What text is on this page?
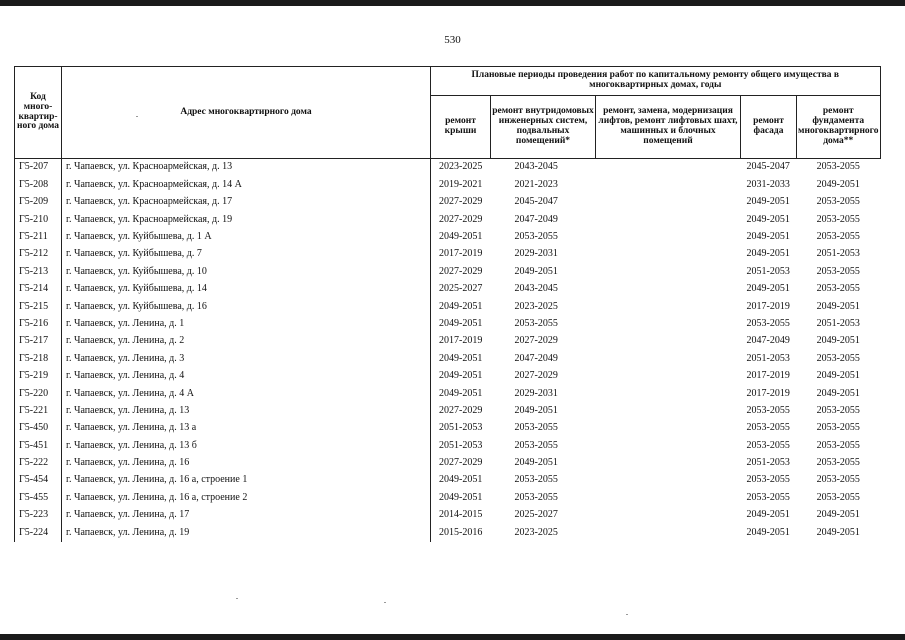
530
Код много-квартир-ного дома	Адрес многоквартирного дома	Плановые периоды проведения работ по капитальному ремонту общего имущества в многоквартирных домах, годы				
		ремонт крыши	ремонт внутридомовых инженерных систем, подвальных помещений*	ремонт, замена, модернизация лифтов, ремонт лифтовых шахт, машинных и блочных помещений	ремонт фасада	ремонт фундамента многоквартирного дома**
Г5-207	г. Чапаевск, ул. Красноармейская, д. 13	2023-2025	2043-2045		2045-2047	2053-2055
Г5-208	г. Чапаевск, ул. Красноармейская, д. 14 А	2019-2021	2021-2023		2031-2033	2049-2051
Г5-209	г. Чапаевск, ул. Красноармейская, д. 17	2027-2029	2045-2047		2049-2051	2053-2055
Г5-210	г. Чапаевск, ул. Красноармейская, д. 19	2027-2029	2047-2049		2049-2051	2053-2055
Г5-211	г. Чапаевск, ул. Куйбышева, д. 1 А	2049-2051	2053-2055		2049-2051	2053-2055
Г5-212	г. Чапаевск, ул. Куйбышева, д. 7	2017-2019	2029-2031		2049-2051	2051-2053
Г5-213	г. Чапаевск, ул. Куйбышева, д. 10	2027-2029	2049-2051		2051-2053	2053-2055
Г5-214	г. Чапаевск, ул. Куйбышева, д. 14	2025-2027	2043-2045		2049-2051	2053-2055
Г5-215	г. Чапаевск, ул. Куйбышева, д. 16	2049-2051	2023-2025		2017-2019	2049-2051
Г5-216	г. Чапаевск, ул. Ленина, д. 1	2049-2051	2053-2055		2053-2055	2051-2053
Г5-217	г. Чапаевск, ул. Ленина, д. 2	2017-2019	2027-2029		2047-2049	2049-2051
Г5-218	г. Чапаевск, ул. Ленина, д. 3	2049-2051	2047-2049		2051-2053	2053-2055
Г5-219	г. Чапаевск, ул. Ленина, д. 4	2049-2051	2027-2029		2017-2019	2049-2051
Г5-220	г. Чапаевск, ул. Ленина, д. 4 А	2049-2051	2029-2031		2017-2019	2049-2051
Г5-221	г. Чапаевск, ул. Ленина, д. 13	2027-2029	2049-2051		2053-2055	2053-2055
Г5-450	г. Чапаевск, ул. Ленина, д. 13 а	2051-2053	2053-2055		2053-2055	2053-2055
Г5-451	г. Чапаевск, ул. Ленина, д. 13 б	2051-2053	2053-2055		2053-2055	2053-2055
Г5-222	г. Чапаевск, ул. Ленина, д. 16	2027-2029	2049-2051		2051-2053	2053-2055
Г5-454	г. Чапаевск, ул. Ленина, д. 16 а, строение 1	2049-2051	2053-2055		2053-2055	2053-2055
Г5-455	г. Чапаевск, ул. Ленина, д. 16 а, строение 2	2049-2051	2053-2055		2053-2055	2053-2055
Г5-223	г. Чапаевск, ул. Ленина, д. 17	2014-2015	2025-2027		2049-2051	2049-2051
Г5-224	г. Чапаевск, ул. Ленина, д. 19	2015-2016	2023-2025		2049-2051	2049-2051
